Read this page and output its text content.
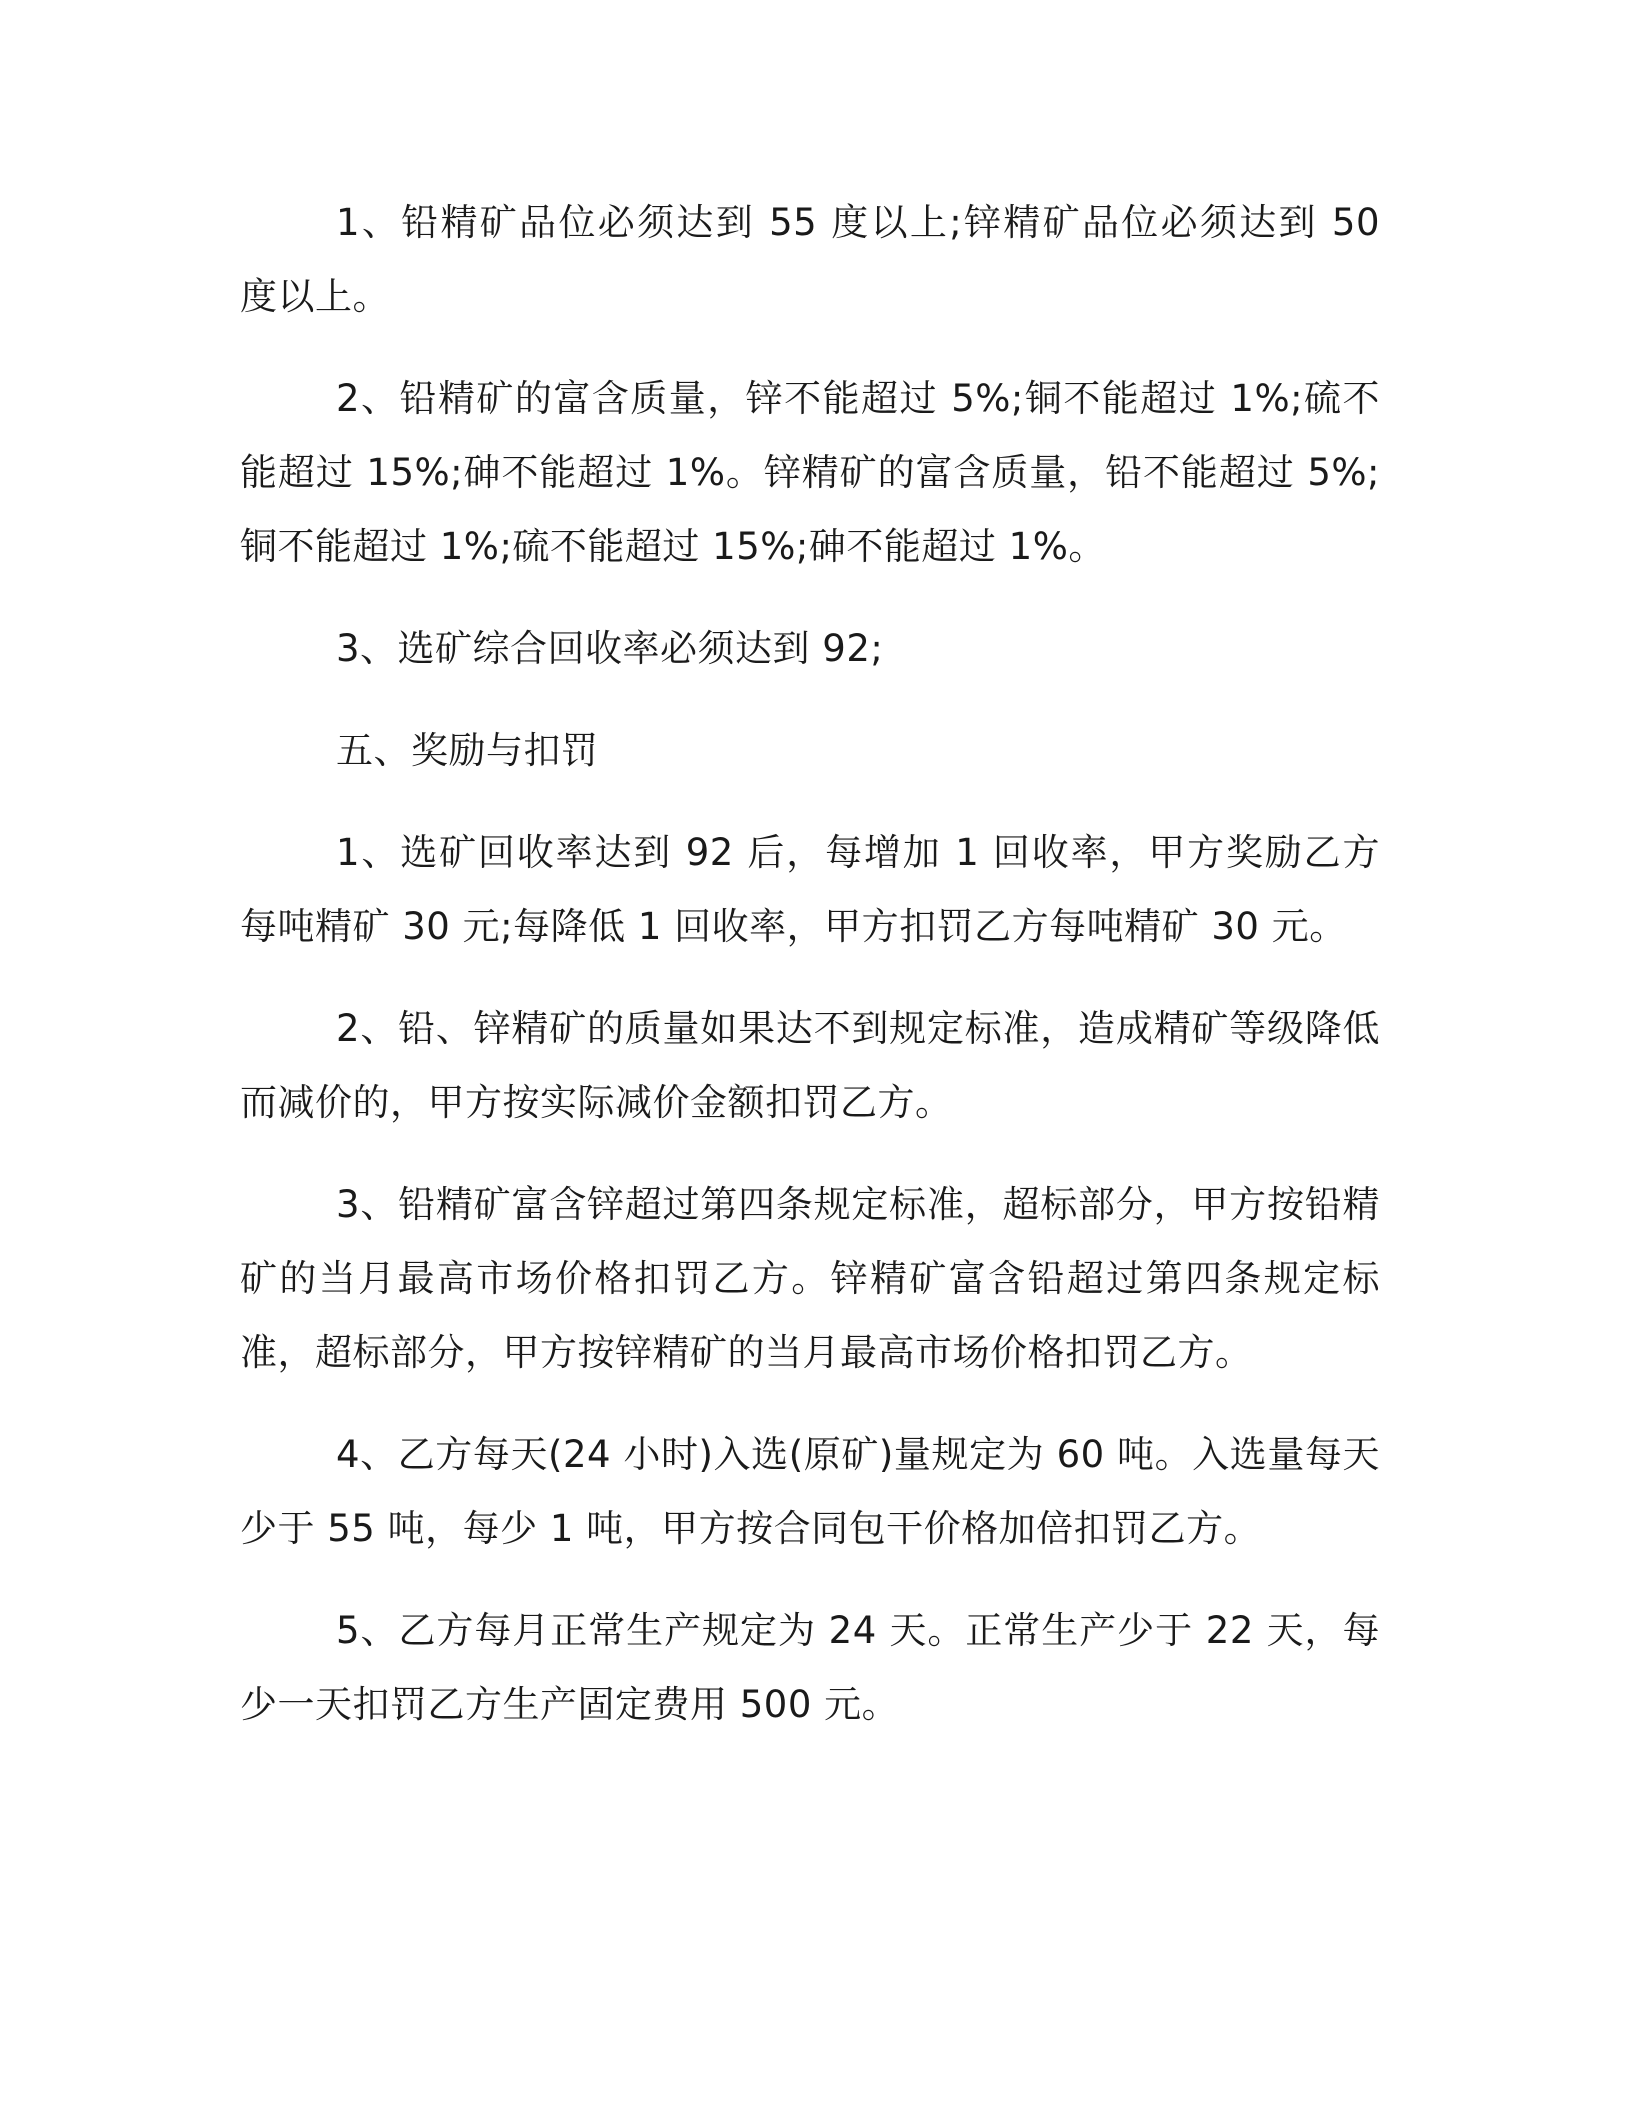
1、铅精矿品位必须达到 55 度以上;锌精矿品位必须达到 50 度以上。

2、铅精矿的富含质量，锌不能超过 5%;铜不能超过 1%;硫不能超过 15%;砷不能超过 1%。锌精矿的富含质量，铅不能超过 5%;铜不能超过 1%;硫不能超过 15%;砷不能超过 1%。

3、选矿综合回收率必须达到 92;

五、奖励与扣罚

1、选矿回收率达到 92 后，每增加 1 回收率，甲方奖励乙方每吨精矿 30 元;每降低 1 回收率，甲方扣罚乙方每吨精矿 30 元。

2、铅、锌精矿的质量如果达不到规定标准，造成精矿等级降低而减价的，甲方按实际减价金额扣罚乙方。

3、铅精矿富含锌超过第四条规定标准，超标部分，甲方按铅精矿的当月最高市场价格扣罚乙方。锌精矿富含铅超过第四条规定标准，超标部分，甲方按锌精矿的当月最高市场价格扣罚乙方。

4、乙方每天(24 小时)入选(原矿)量规定为 60 吨。入选量每天少于 55 吨，每少 1 吨，甲方按合同包干价格加倍扣罚乙方。

5、乙方每月正常生产规定为 24 天。正常生产少于 22 天，每少一天扣罚乙方生产固定费用 500 元。
